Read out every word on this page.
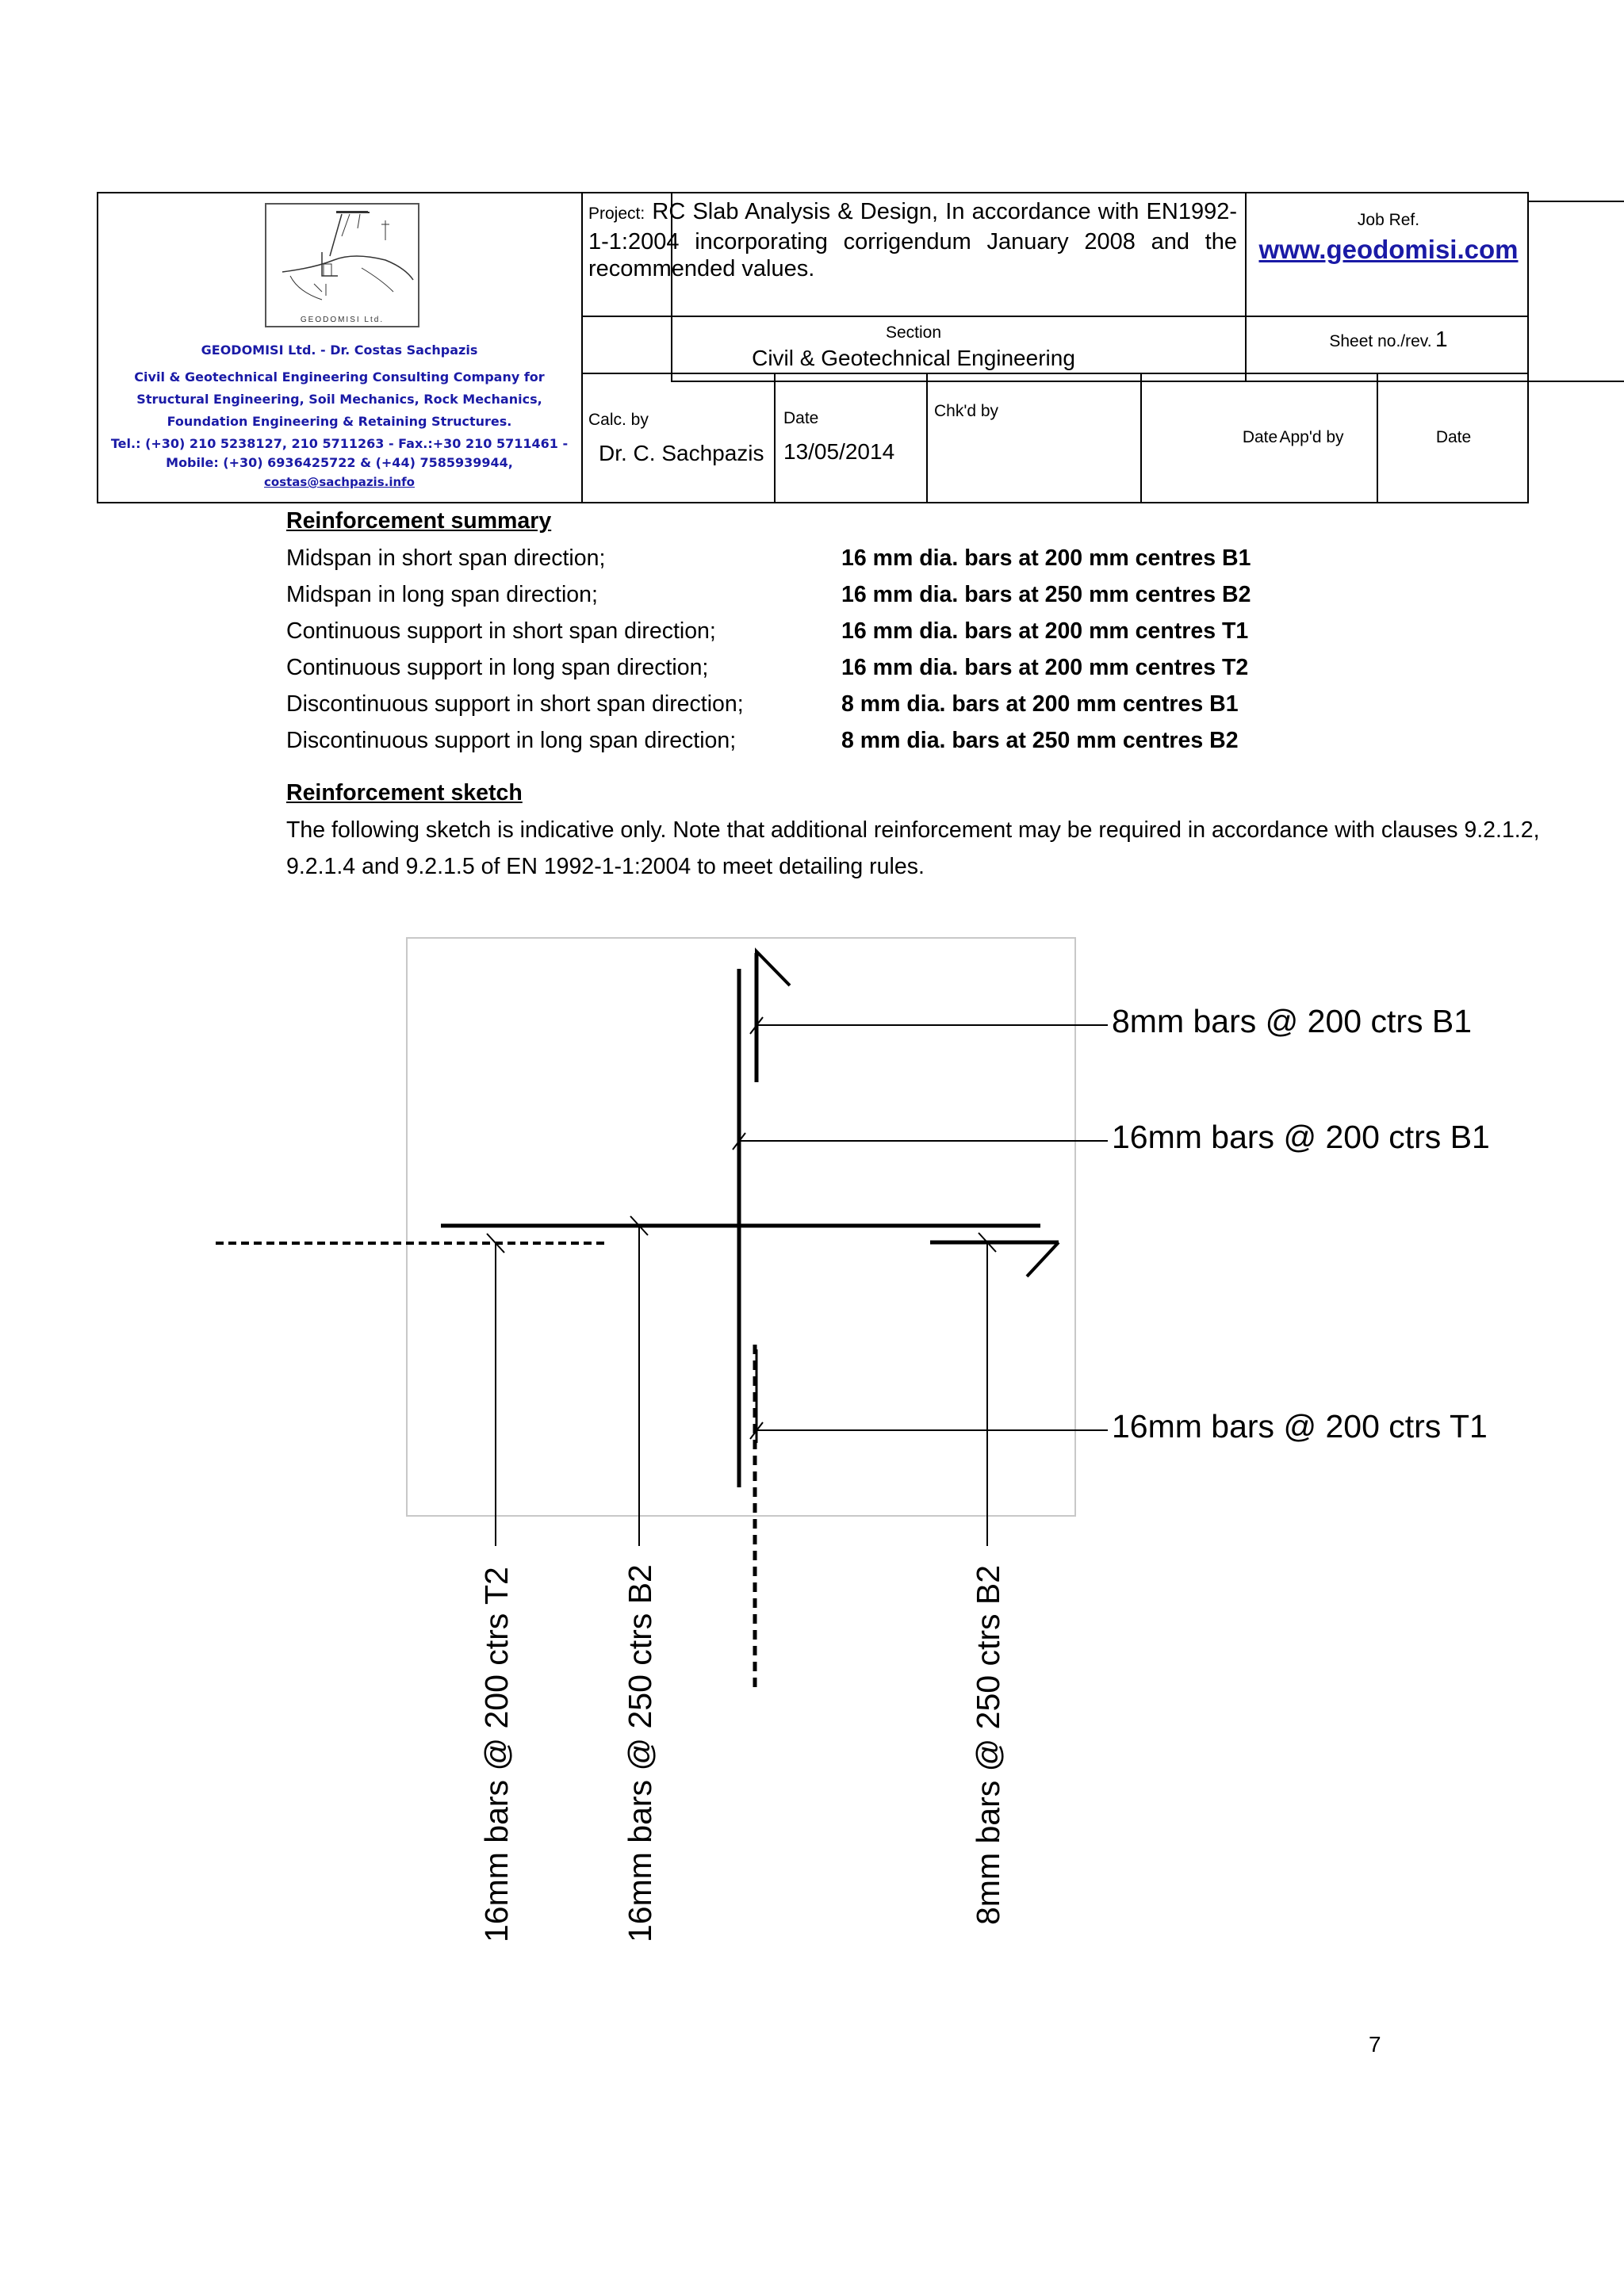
GEODOMISI Ltd.
GEODOMISI Ltd. - Dr. Costas Sachpazis
Civil & Geotechnical Engineering Consulting Company for
Structural Engineering, Soil Mechanics, Rock Mechanics,
Foundation Engineering & Retaining Structures.
Tel.: (+30) 210 5238127, 210 5711263 - Fax.:+30 210 5711461 -
Mobile: (+30) 6936425722 & (+44) 7585939944,
costas@sachpazis.info
Project: RC Slab Analysis & Design, In accordance with EN1992-1-1:2004 incorporating corrigendum January 2008 and the recommended values.
Job Ref.
www.geodomisi.com
Section
Civil & Geotechnical Engineering
Sheet no./rev. 1
Calc. by
Dr. C. Sachpazis
Date
13/05/2014
Chk'd by
Date App'd by	Date
Reinforcement summary
Midspan in short span direction;	16 mm dia. bars at 200 mm centres B1
Midspan in long span direction;	16 mm dia. bars at 250 mm centres B2
Continuous support in short span direction;	16 mm dia. bars at 200 mm centres T1
Continuous support in long span direction;	16 mm dia. bars at 200 mm centres T2
Discontinuous support in short span direction;	8 mm dia. bars at 200 mm centres B1
Discontinuous support in long span direction;	8 mm dia. bars at 250 mm centres B2
Reinforcement sketch
The following sketch is indicative only. Note that additional reinforcement may be required in accordance with clauses 9.2.1.2, 9.2.1.4 and 9.2.1.5 of EN 1992-1-1:2004 to meet detailing rules.
8mm bars @ 200 ctrs B1
16mm bars @ 200 ctrs B1
16mm bars @ 200 ctrs T1
16mm bars @ 200 ctrs T2	16mm bars @ 250 ctrs B2	8mm bars @ 250 ctrs B2
7
